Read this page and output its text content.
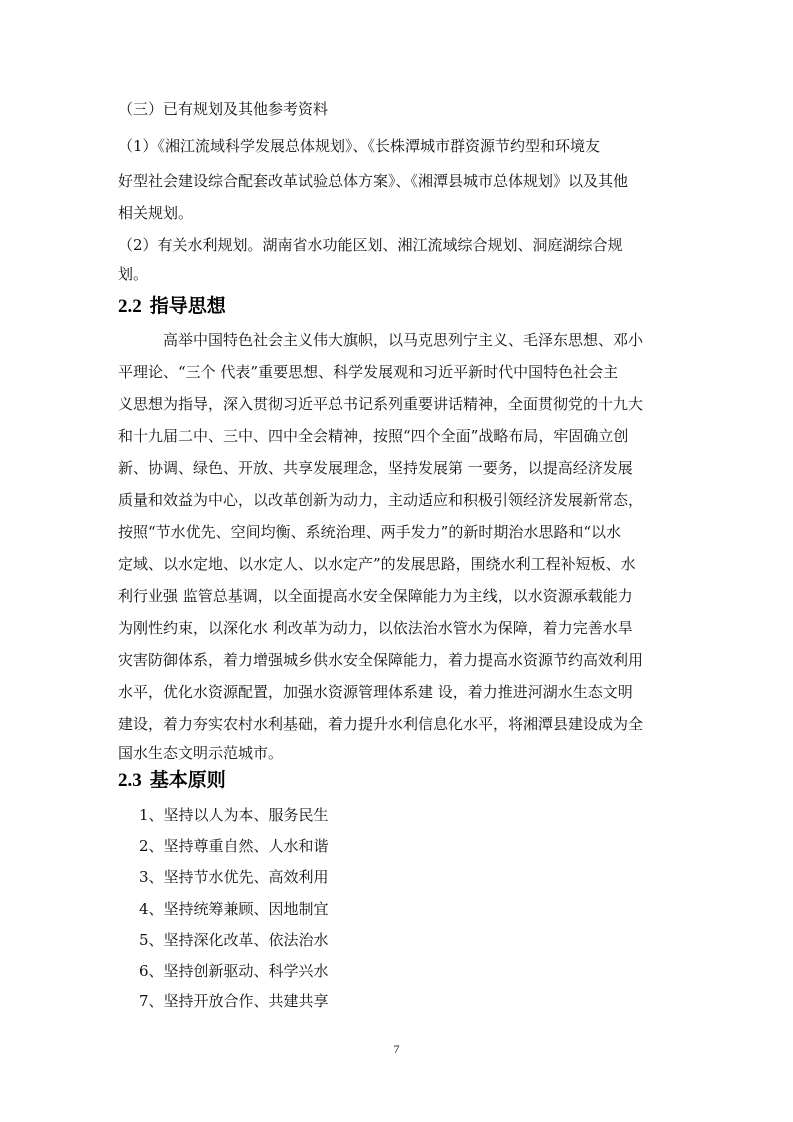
（三）已有规划及其他参考资料
（1）《湘江流域科学发展总体规划》、《长株潭城市群资源节约型和环境友
好型社会建设综合配套改革试验总体方案》、《湘潭县城市总体规划》以及其他
相关规划。
（2）有关水利规划。湖南省水功能区划、湘江流域综合规划、洞庭湖综合规
划。
2.2 指导思想
高举中国特色社会主义伟大旗帜，以马克思列宁主义、毛泽东思想、邓小
平理论、“三个 代表”重要思想、科学发展观和习近平新时代中国特色社会主
义思想为指导，深入贯彻习近平总书记系列重要讲话精神，全面贯彻党的十九大
和十九届二中、三中、四中全会精神，按照“四个全面”战略布局，牢固确立创
新、协调、绿色、开放、共享发展理念，坚持发展第 一要务，以提高经济发展
质量和效益为中心，以改革创新为动力，主动适应和积极引领经济发展新常态，
按照“节水优先、空间均衡、系统治理、两手发力”的新时期治水思路和“以水
定域、以水定地、以水定人、以水定产”的发展思路，围绕水利工程补短板、水
利行业强 监管总基调，以全面提高水安全保障能力为主线，以水资源承载能力
为刚性约束，以深化水 利改革为动力，以依法治水管水为保障，着力完善水旱
灾害防御体系，着力增强城乡供水安全保障能力，着力提高水资源节约高效利用
水平，优化水资源配置，加强水资源管理体系建 设，着力推进河湖水生态文明
建设，着力夯实农村水利基础，着力提升水利信息化水平，将湘潭县建设成为全
国水生态文明示范城市。
2.3 基本原则
1、坚持以人为本、服务民生
2、坚持尊重自然、人水和谐
3、坚持节水优先、高效利用
4、坚持统筹兼顾、因地制宜
5、坚持深化改革、依法治水
6、坚持创新驱动、科学兴水
7、坚持开放合作、共建共享
7
